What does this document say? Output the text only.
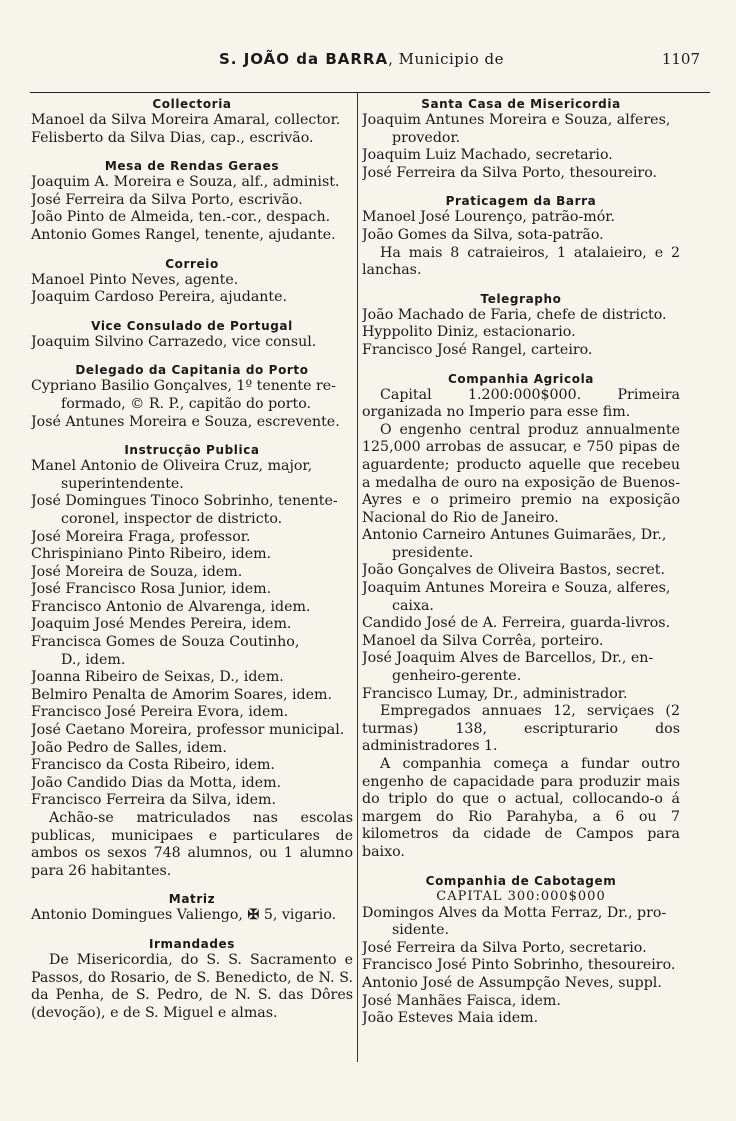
S. JOÃO da BARRA, Municipio de	1107
Collectoria
Manoel da Silva Moreira Amaral, collector.
Felisberto da Silva Dias, cap., escrivão.
Mesa de Rendas Geraes
Joaquim A. Moreira e Souza, alf., administ.
José Ferreira da Silva Porto, escrivão.
João Pinto de Almeida, ten.-cor., despach.
Antonio Gomes Rangel, tenente, ajudante.
Correio
Manoel Pinto Neves, agente.
Joaquim Cardoso Pereira, ajudante.
Vice Consulado de Portugal
Joaquim Silvino Carrazedo, vice consul.
Delegado da Capitania do Porto
Cypriano Basilio Gonçalves, 1º tenente re-
formado, © R. P., capitão do porto.
José Antunes Moreira e Souza, escrevente.
Instrucção Publica
Manel Antonio de Oliveira Cruz, major,
superintendente.
José Domingues Tinoco Sobrinho, tenente-
coronel, inspector de districto.
José Moreira Fraga, professor.
Chrispiniano Pinto Ribeiro, idem.
José Moreira de Souza, idem.
José Francisco Rosa Junior, idem.
Francisco Antonio de Alvarenga, idem.
Joaquim José Mendes Pereira, idem.
Francisca Gomes de Souza Coutinho,
D., idem.
Joanna Ribeiro de Seixas, D., idem.
Belmiro Penalta de Amorim Soares, idem.
Francisco José Pereira Evora, idem.
José Caetano Moreira, professor municipal.
João Pedro de Salles, idem.
Francisco da Costa Ribeiro, idem.
João Candido Dias da Motta, idem.
Francisco Ferreira da Silva, idem.
Achão-se matriculados nas escolas publicas, municipaes e particulares de ambos os sexos 748 alumnos, ou 1 alumno para 26 habitantes.
Matriz
Antonio Domingues Valiengo, ✠ 5, vigario.
Irmandades
De Misericordia, do S. S. Sacramento e Passos, do Rosario, de S. Benedicto, de N. S. da Penha, de S. Pedro, de N. S. das Dôres (devoção), e de S. Miguel e almas.
Santa Casa de Misericordia
Joaquim Antunes Moreira e Souza, alferes,
provedor.
Joaquim Luiz Machado, secretario.
José Ferreira da Silva Porto, thesoureiro.
Praticagem da Barra
Manoel José Lourenço, patrão-mór.
João Gomes da Silva, sota-patrão.
Ha mais 8 catraieiros, 1 atalaieiro, e 2 lanchas.
Telegrapho
João Machado de Faria, chefe de districto.
Hyppolito Diniz, estacionario.
Francisco José Rangel, carteiro.
Companhia Agricola
Capital 1.200:000$000. Primeira organizada no Imperio para esse fim.
O engenho central produz annualmente 125,000 arrobas de assucar, e 750 pipas de aguardente; producto aquelle que recebeu a medalha de ouro na exposição de Buenos-Ayres e o primeiro premio na exposição Nacional do Rio de Janeiro.
Antonio Carneiro Antunes Guimarães, Dr.,
presidente.
João Gonçalves de Oliveira Bastos, secret.
Joaquim Antunes Moreira e Souza, alferes,
caixa.
Candido José de A. Ferreira, guarda-livros.
Manoel da Silva Corrêa, porteiro.
José Joaquim Alves de Barcellos, Dr., en-
genheiro-gerente.
Francisco Lumay, Dr., administrador.
Empregados annuaes 12, serviçaes (2 turmas) 138, escripturario dos administradores 1.
A companhia começa a fundar outro engenho de capacidade para produzir mais do triplo do que o actual, collocando-o á margem do Rio Parahyba, a 6 ou 7 kilometros da cidade de Campos para baixo.
Companhia de Cabotagem
CAPITAL 300:000$000
Domingos Alves da Motta Ferraz, Dr., pro-
sidente.
José Ferreira da Silva Porto, secretario.
Francisco José Pinto Sobrinho, thesoureiro.
Antonio José de Assumpção Neves, suppl.
José Manhães Faisca, idem.
João Esteves Maia idem.
